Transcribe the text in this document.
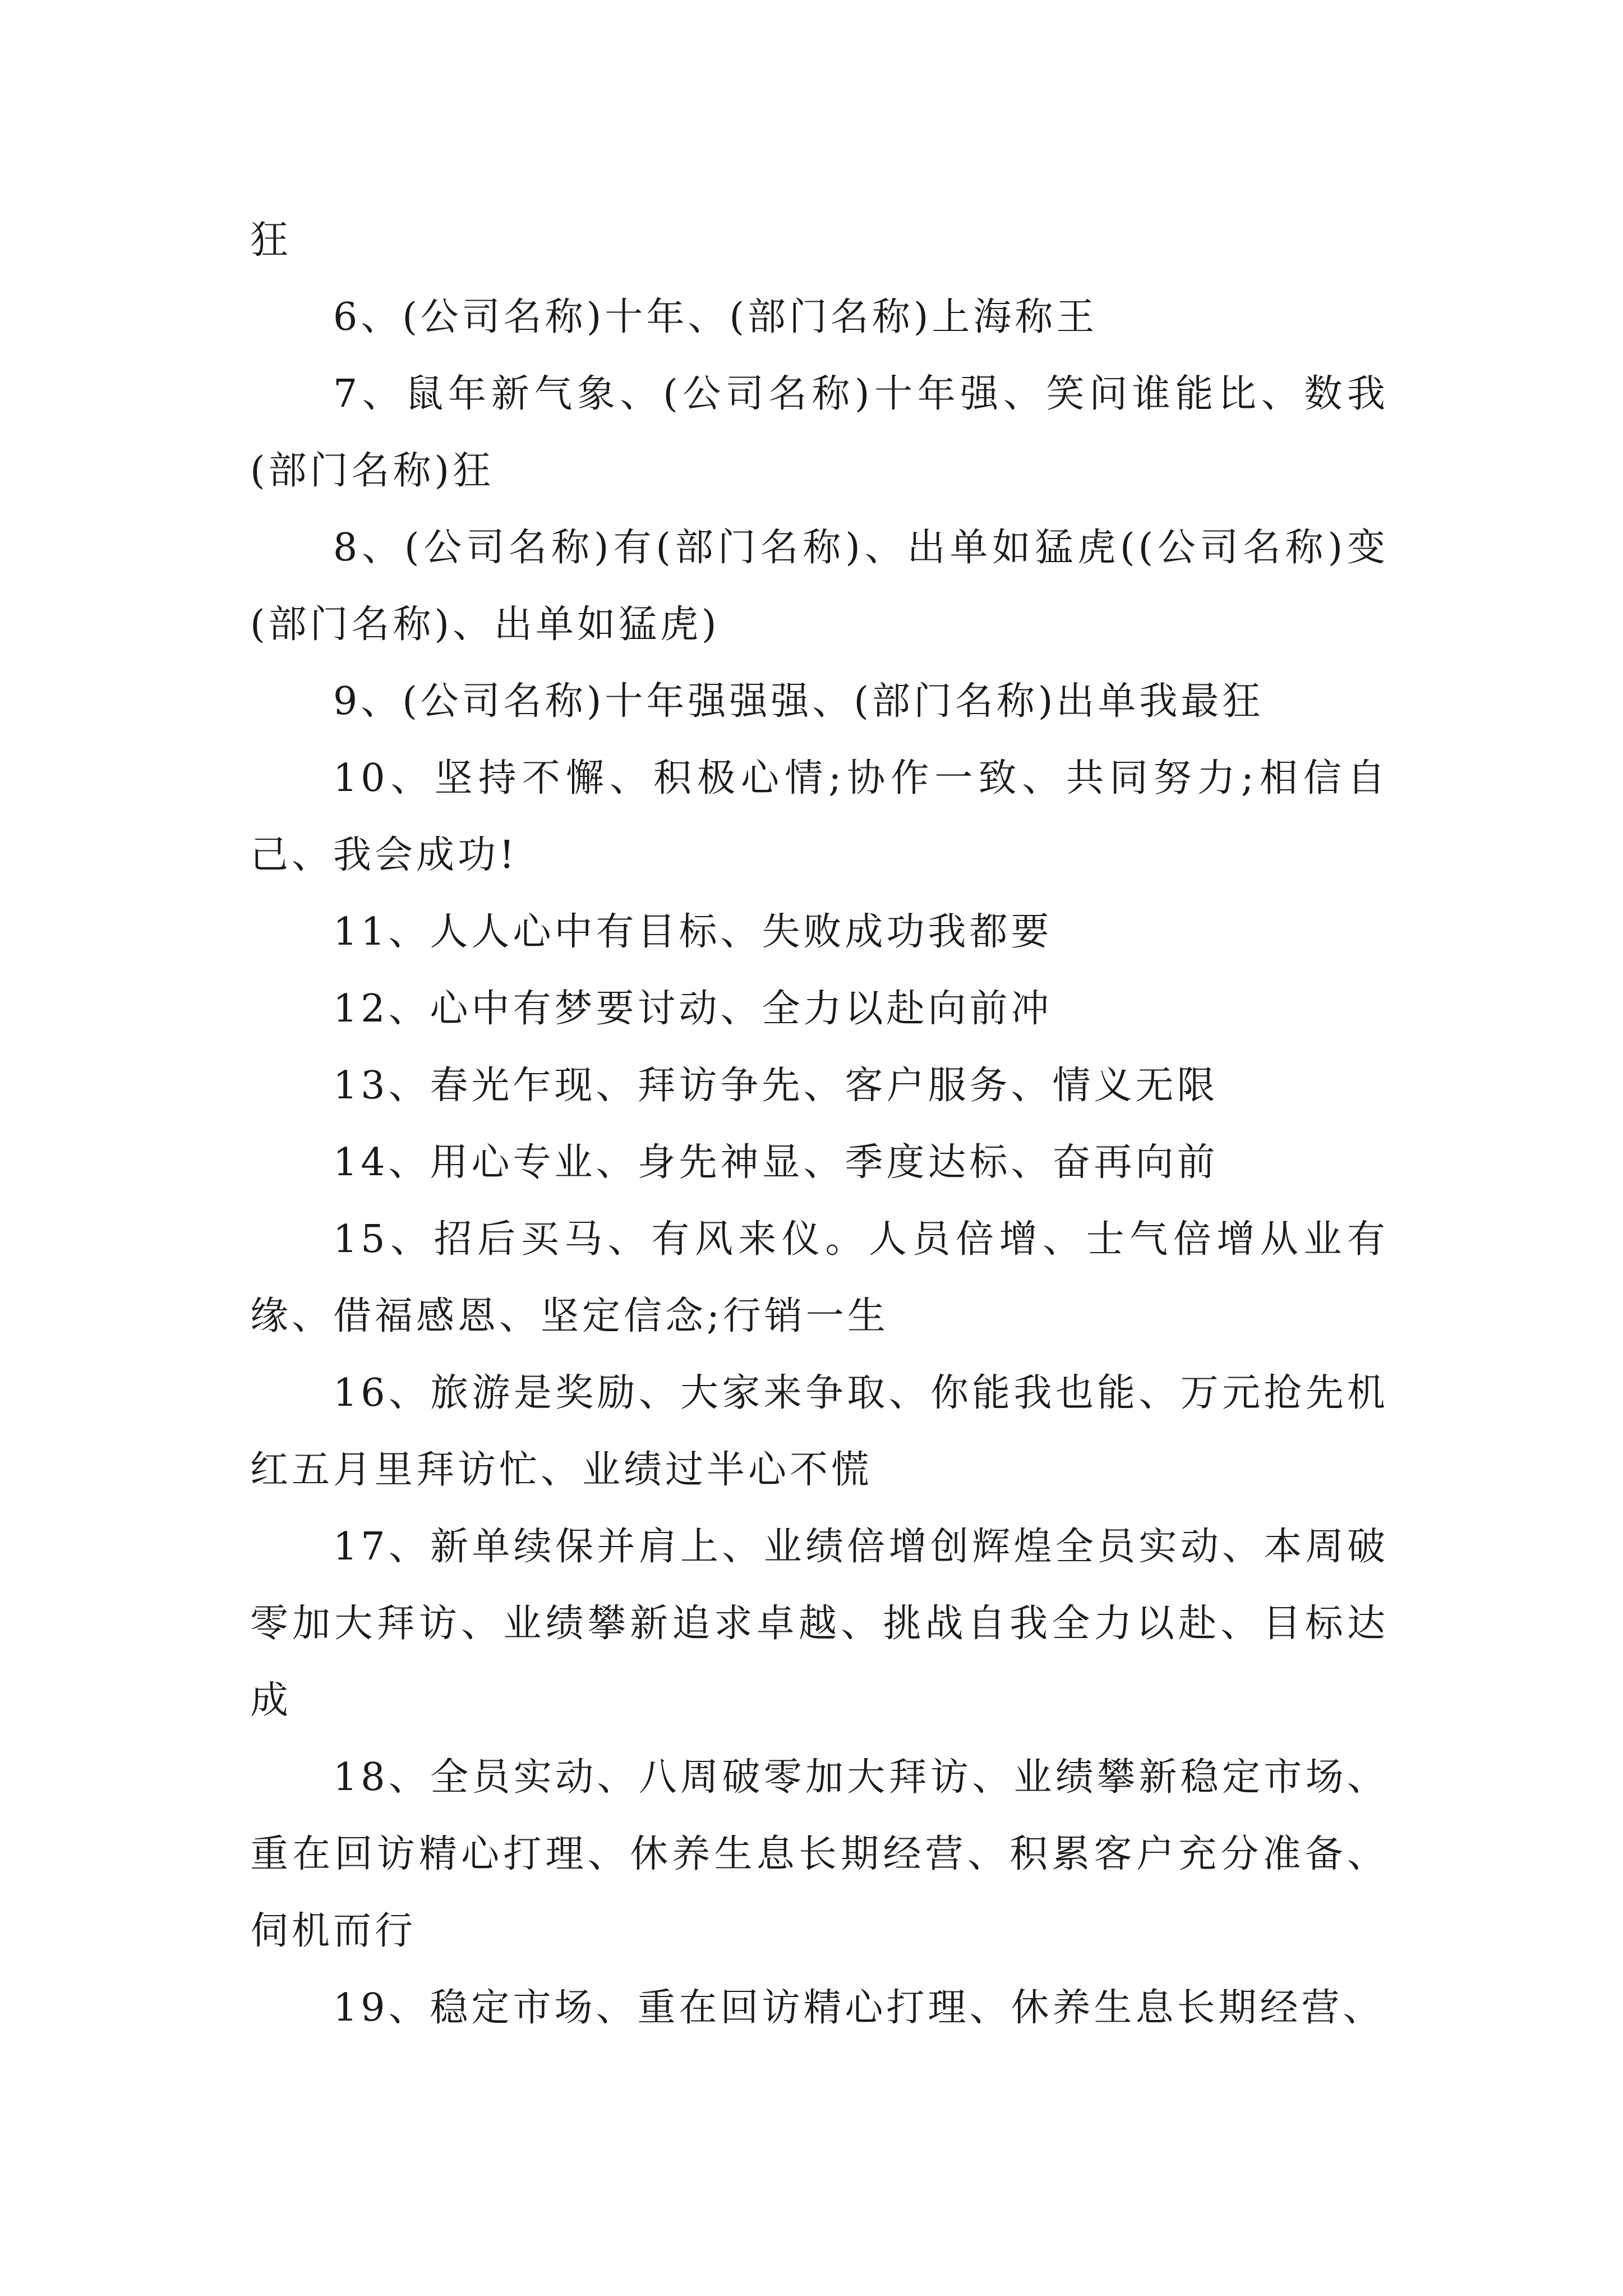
狂

6、(公司名称)十年、(部门名称)上海称王

7、鼠年新气象、(公司名称)十年强、笑问谁能比、数我(部门名称)狂

8、(公司名称)有(部门名称)、出单如猛虎((公司名称)变(部门名称)、出单如猛虎)

9、(公司名称)十年强强强、(部门名称)出单我最狂

10、坚持不懈、积极心情;协作一致、共同努力;相信自己、我会成功!

11、人人心中有目标、失败成功我都要

12、心中有梦要讨动、全力以赴向前冲

13、春光乍现、拜访争先、客户服务、情义无限

14、用心专业、身先神显、季度达标、奋再向前

15、招后买马、有风来仪。人员倍增、士气倍增从业有缘、借福感恩、坚定信念;行销一生

16、旅游是奖励、大家来争取、你能我也能、万元抢先机红五月里拜访忙、业绩过半心不慌

17、新单续保并肩上、业绩倍增创辉煌全员实动、本周破零加大拜访、业绩攀新追求卓越、挑战自我全力以赴、目标达成

18、全员实动、八周破零加大拜访、业绩攀新稳定市场、重在回访精心打理、休养生息长期经营、积累客户充分准备、伺机而行

19、稳定市场、重在回访精心打理、休养生息长期经营、
